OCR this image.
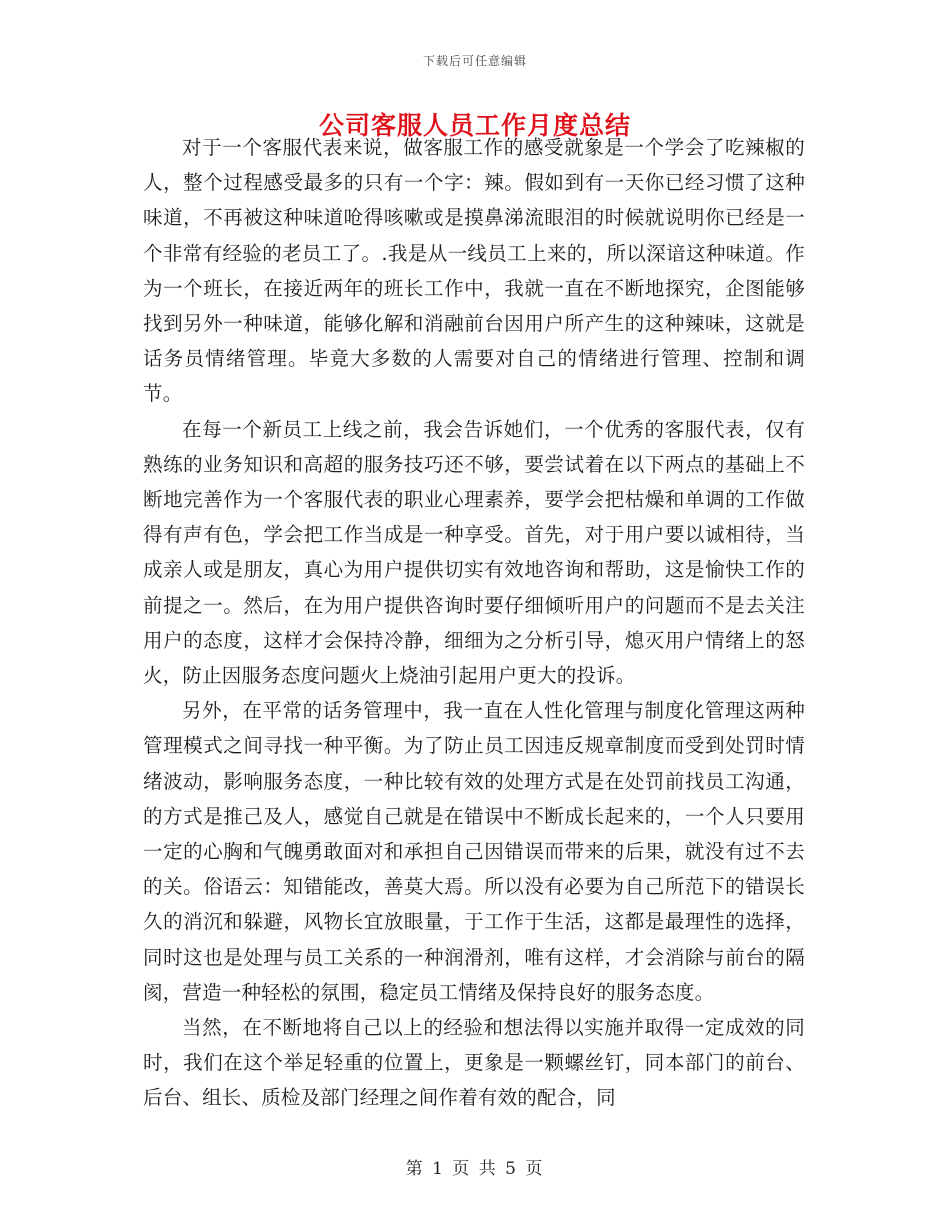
下载后可任意编辑
公司客服人员工作月度总结

对于一个客服代表来说，做客服工作的感受就象是一个学会了吃辣椒的人，整个过程感受最多的只有一个字：辣。假如到有一天你已经习惯了这种味道，不再被这种味道呛得咳嗽或是摸鼻涕流眼泪的时候就说明你已经是一个非常有经验的老员工了。.我是从一线员工上来的，所以深谙这种味道。作为一个班长，在接近两年的班长工作中，我就一直在不断地探究，企图能够找到另外一种味道，能够化解和消融前台因用户所产生的这种辣味，这就是话务员情绪管理。毕竟大多数的人需要对自己的情绪进行管理、控制和调节。

在每一个新员工上线之前，我会告诉她们，一个优秀的客服代表，仅有熟练的业务知识和高超的服务技巧还不够，要尝试着在以下两点的基础上不断地完善作为一个客服代表的职业心理素养，要学会把枯燥和单调的工作做得有声有色，学会把工作当成是一种享受。首先，对于用户要以诚相待，当成亲人或是朋友，真心为用户提供切实有效地咨询和帮助，这是愉快工作的前提之一。然后，在为用户提供咨询时要仔细倾听用户的问题而不是去关注用户的态度，这样才会保持冷静，细细为之分析引导，熄灭用户情绪上的怒火，防止因服务态度问题火上烧油引起用户更大的投诉。

另外，在平常的话务管理中，我一直在人性化管理与制度化管理这两种管理模式之间寻找一种平衡。为了防止员工因违反规章制度而受到处罚时情绪波动，影响服务态度，一种比较有效的处理方式是在处罚前找员工沟通，的方式是推己及人，感觉自己就是在错误中不断成长起来的，一个人只要用一定的心胸和气魄勇敢面对和承担自己因错误而带来的后果，就没有过不去的关。俗语云：知错能改，善莫大焉。所以没有必要为自己所范下的错误长久的消沉和躲避，风物长宜放眼量，于工作于生活，这都是最理性的选择，同时这也是处理与员工关系的一种润滑剂，唯有这样，才会消除与前台的隔阂，营造一种轻松的氛围，稳定员工情绪及保持良好的服务态度。

当然，在不断地将自己以上的经验和想法得以实施并取得一定成效的同时，我们在这个举足轻重的位置上，更象是一颗螺丝钉，同本部门的前台、后台、组长、质检及部门经理之间作着有效的配合，同

第 1 页 共 5 页
